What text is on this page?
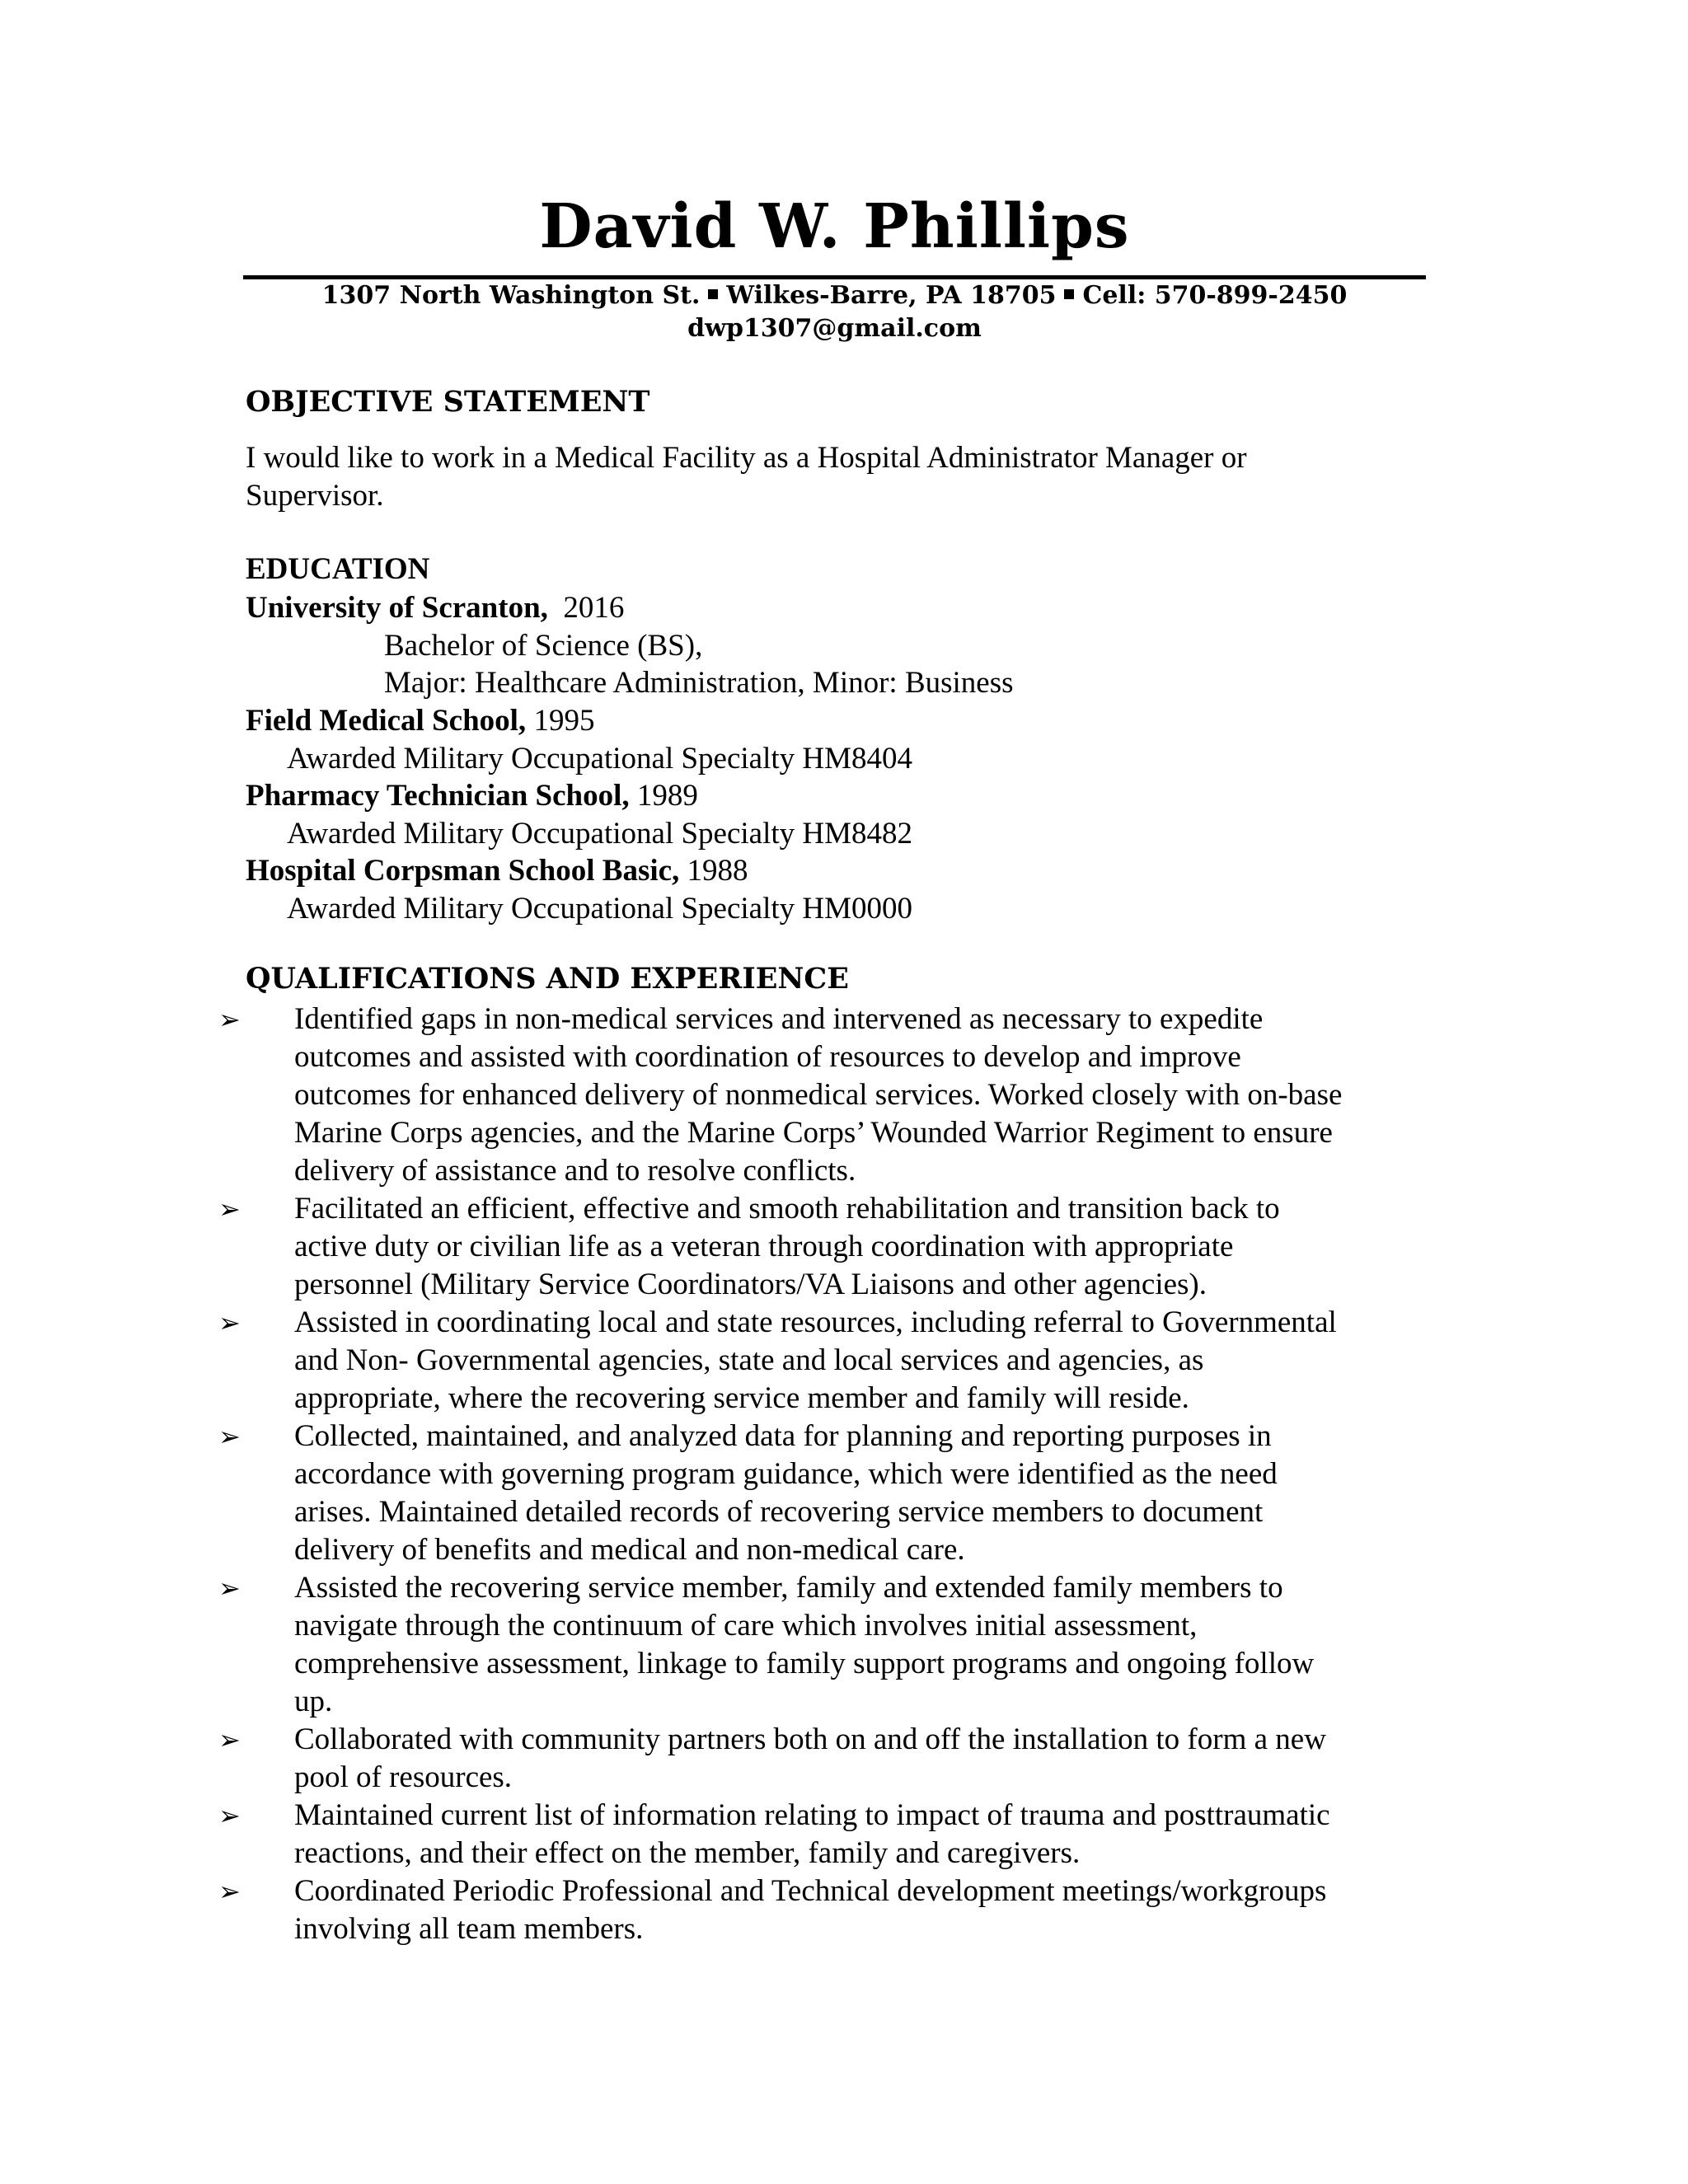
David W. Phillips
1307 North Washington St. Wilkes-Barre, PA 18705 Cell: 570-899-2450
dwp1307@gmail.com
OBJECTIVE STATEMENT
I would like to work in a Medical Facility as a Hospital Administrator Manager or
Supervisor.
EDUCATION
University of Scranton, 2016
Bachelor of Science (BS),
Major: Healthcare Administration, Minor: Business
Field Medical School, 1995
Awarded Military Occupational Specialty HM8404
Pharmacy Technician School, 1989
Awarded Military Occupational Specialty HM8482
Hospital Corpsman School Basic, 1988
Awarded Military Occupational Specialty HM0000
QUALIFICATIONS AND EXPERIENCE
➢	Identified gaps in non-medical services and intervened as necessary to expedite
outcomes and assisted with coordination of resources to develop and improve
outcomes for enhanced delivery of nonmedical services. Worked closely with on-base
Marine Corps agencies, and the Marine Corps’ Wounded Warrior Regiment to ensure
delivery of assistance and to resolve conflicts.
➢	Facilitated an efficient, effective and smooth rehabilitation and transition back to
active duty or civilian life as a veteran through coordination with appropriate
personnel (Military Service Coordinators/VA Liaisons and other agencies).
➢	Assisted in coordinating local and state resources, including referral to Governmental
and Non- Governmental agencies, state and local services and agencies, as
appropriate, where the recovering service member and family will reside.
➢	Collected, maintained, and analyzed data for planning and reporting purposes in
accordance with governing program guidance, which were identified as the need
arises. Maintained detailed records of recovering service members to document
delivery of benefits and medical and non-medical care.
➢	Assisted the recovering service member, family and extended family members to
navigate through the continuum of care which involves initial assessment,
comprehensive assessment, linkage to family support programs and ongoing follow
up.
➢	Collaborated with community partners both on and off the installation to form a new
pool of resources.
➢	Maintained current list of information relating to impact of trauma and posttraumatic
reactions, and their effect on the member, family and caregivers.
➢	Coordinated Periodic Professional and Technical development meetings/workgroups
involving all team members.
